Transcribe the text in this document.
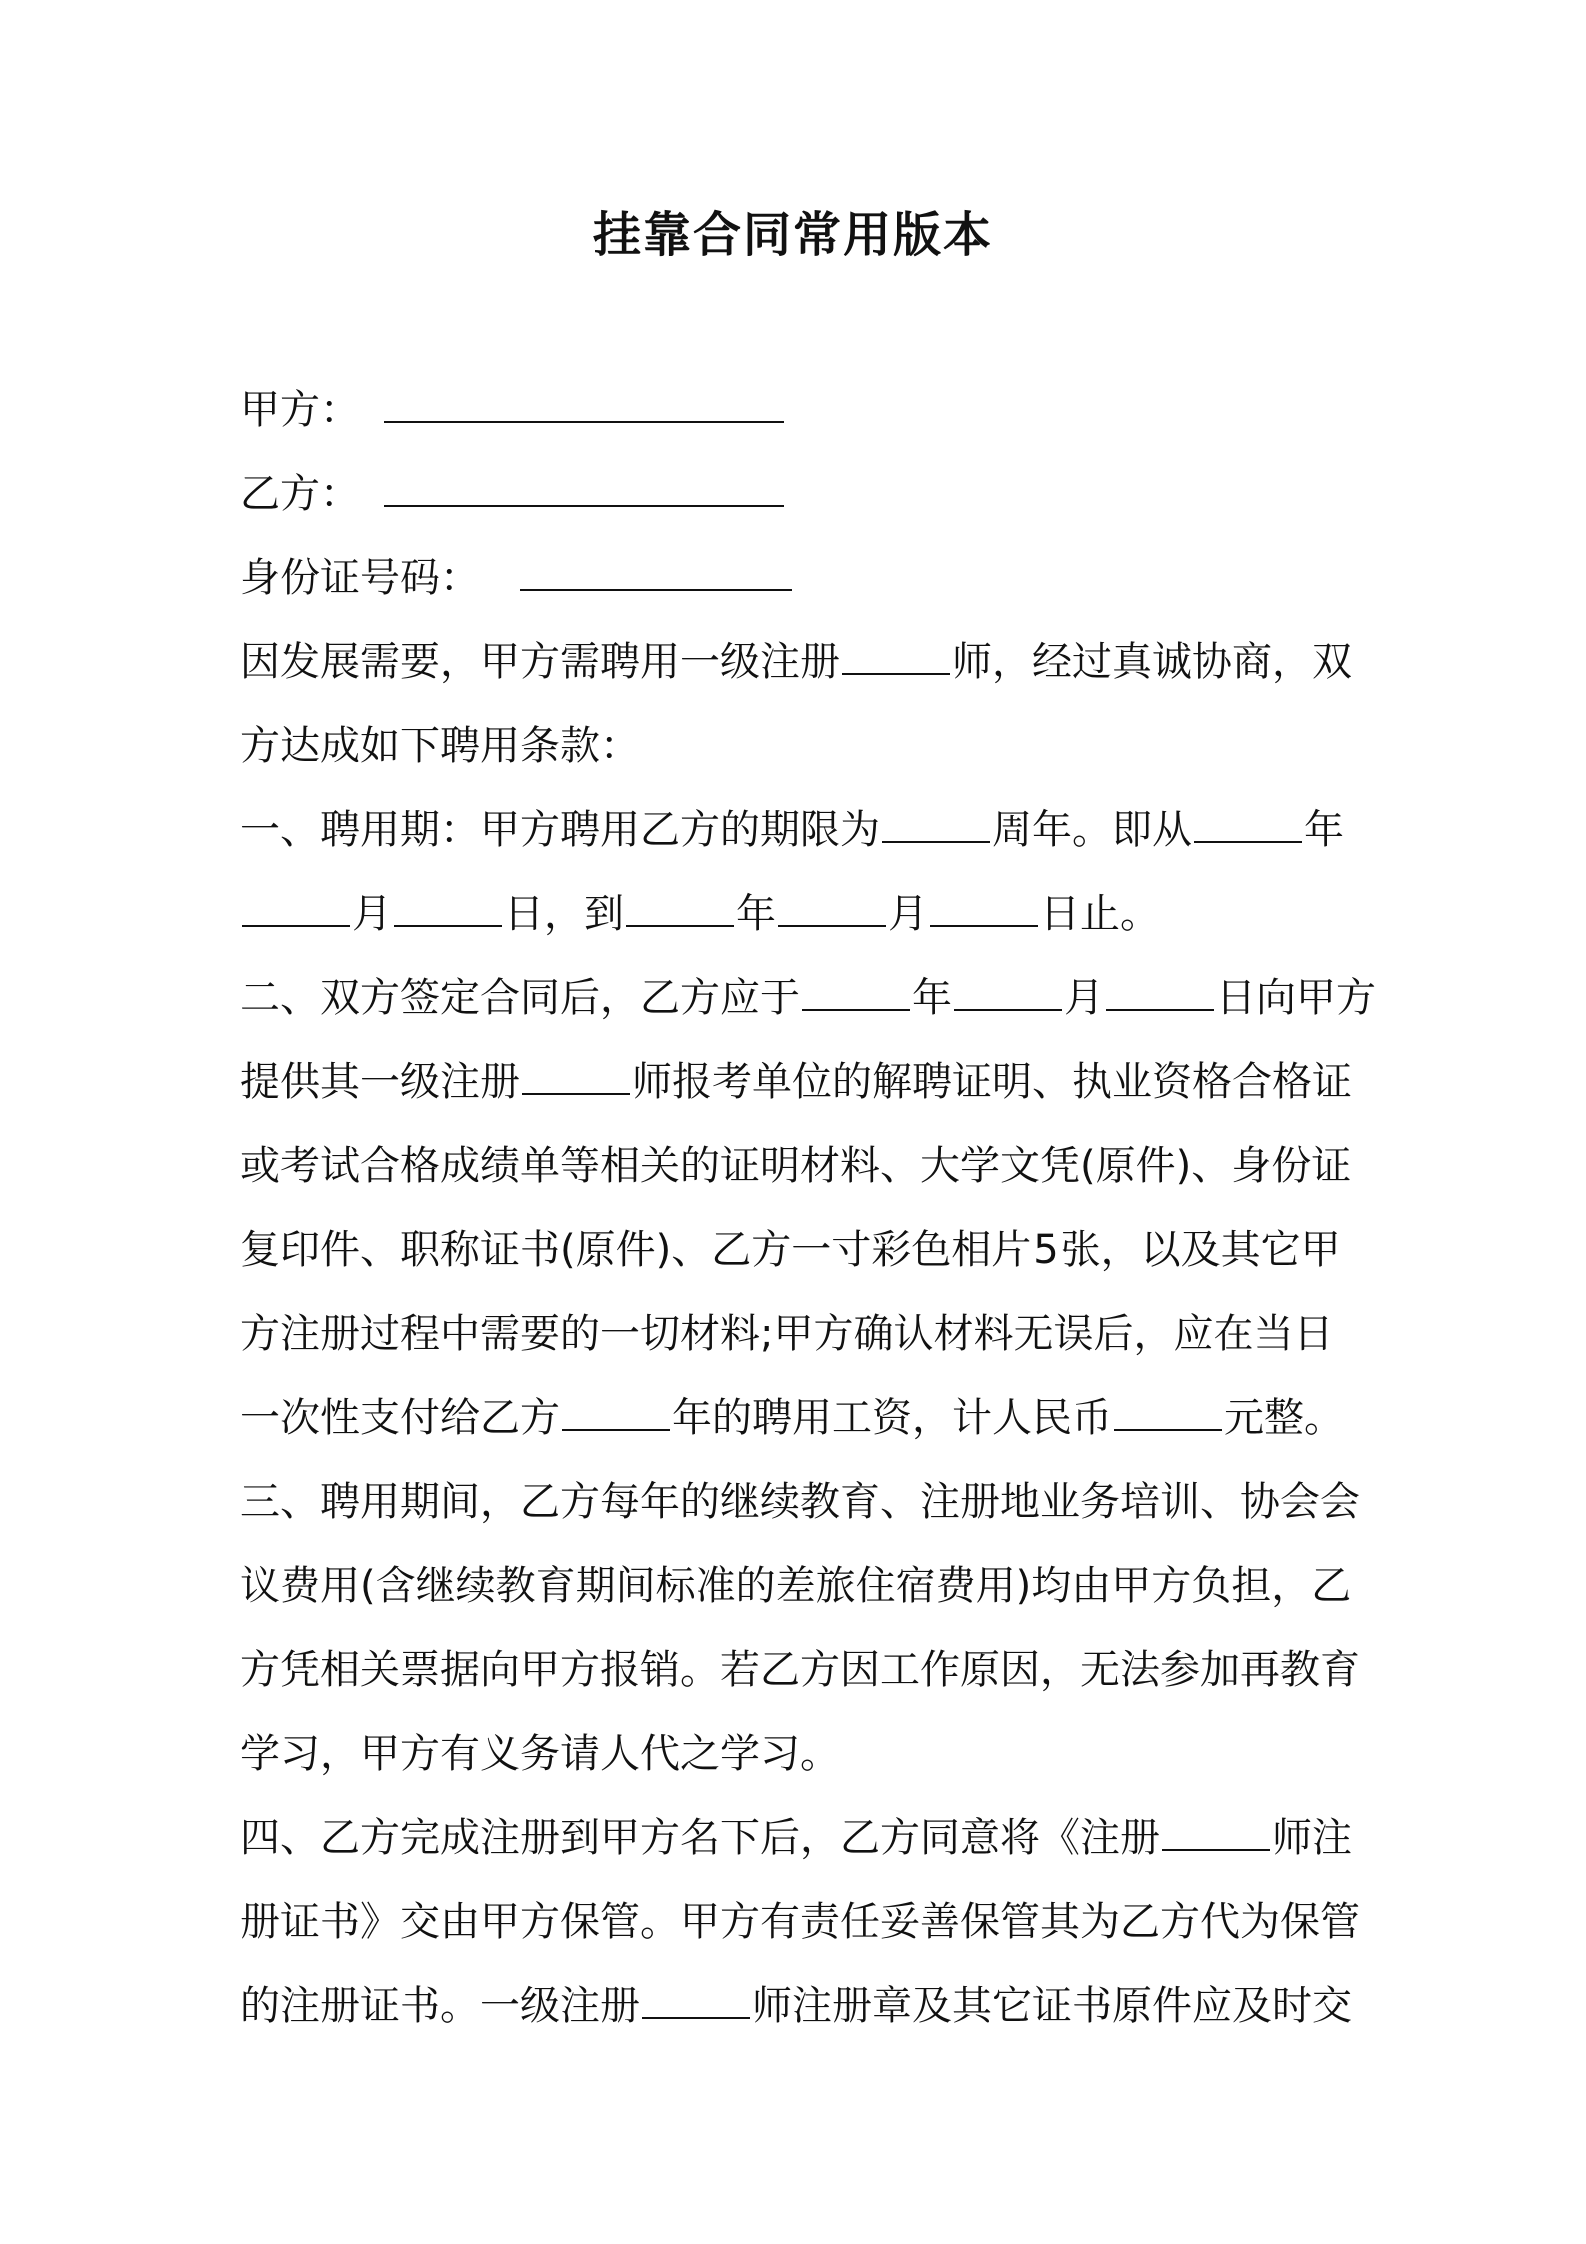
挂靠合同常用版本
甲方：
乙方：
身份证号码：
因发展需要，甲方需聘用一级注册	师，经过真诚协商，双
方达成如下聘用条款：
一、聘用期：甲方聘用乙方的期限为	周年。即从	年
月	日，到	年	月	日止。
二、双方签定合同后，乙方应于	年	月	日向甲方
提供其一级注册	师报考单位的解聘证明、执业资格合格证
或考试合格成绩单等相关的证明材料、大学文凭(原件)、身份证
复印件、职称证书(原件)、乙方一寸彩色相片5张，以及其它甲
方注册过程中需要的一切材料;甲方确认材料无误后，应在当日
一次性支付给乙方	年的聘用工资，计人民币	元整。
三、聘用期间，乙方每年的继续教育、注册地业务培训、协会会
议费用(含继续教育期间标准的差旅住宿费用)均由甲方负担，乙
方凭相关票据向甲方报销。若乙方因工作原因，无法参加再教育
学习，甲方有义务请人代之学习。
四、乙方完成注册到甲方名下后，乙方同意将《注册	师注
册证书》交由甲方保管。甲方有责任妥善保管其为乙方代为保管
的注册证书。一级注册	师注册章及其它证书原件应及时交
